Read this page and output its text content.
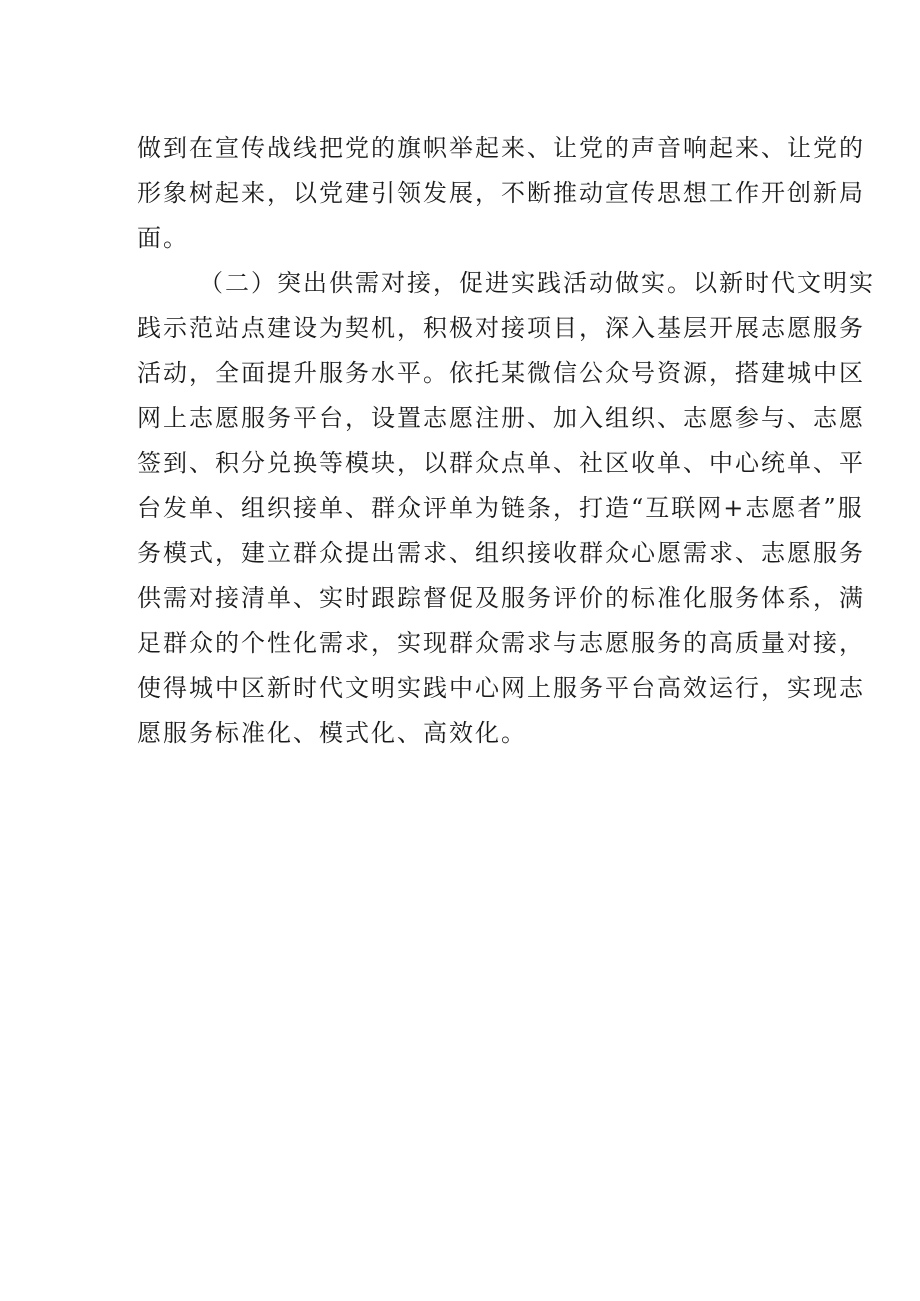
做到在宣传战线把党的旗帜举起来、让党的声音响起来、让党的
形象树起来，以党建引领发展，不断推动宣传思想工作开创新局
面。
（二）突出供需对接，促进实践活动做实。以新时代文明实
践示范站点建设为契机，积极对接项目，深入基层开展志愿服务
活动，全面提升服务水平。依托某微信公众号资源，搭建城中区
网上志愿服务平台，设置志愿注册、加入组织、志愿参与、志愿
签到、积分兑换等模块，以群众点单、社区收单、中心统单、平
台发单、组织接单、群众评单为链条，打造“互联网+志愿者”服
务模式，建立群众提出需求、组织接收群众心愿需求、志愿服务
供需对接清单、实时跟踪督促及服务评价的标准化服务体系，满
足群众的个性化需求，实现群众需求与志愿服务的高质量对接，
使得城中区新时代文明实践中心网上服务平台高效运行，实现志
愿服务标准化、模式化、高效化。
